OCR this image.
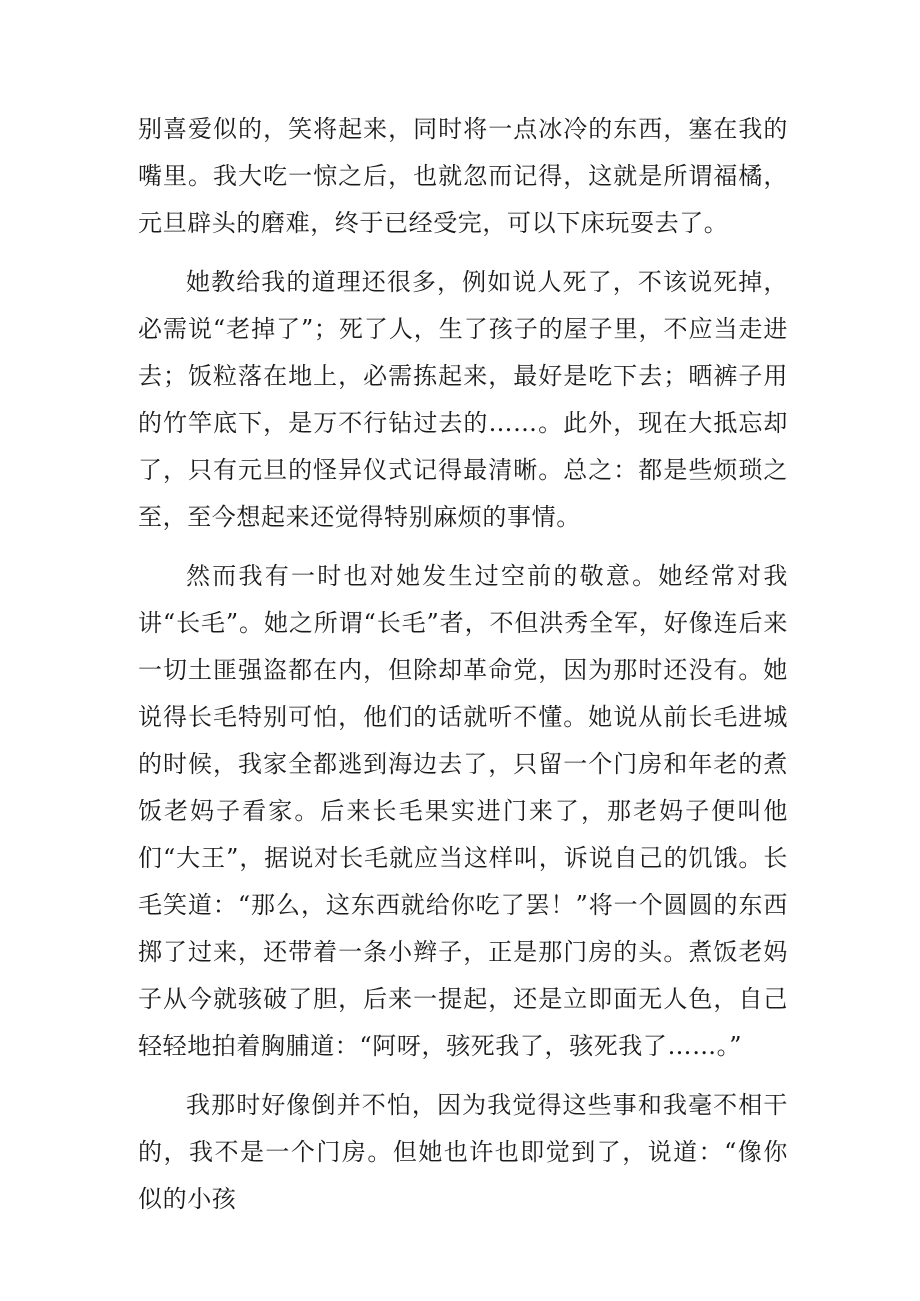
别喜爱似的，笑将起来，同时将一点冰冷的东西，塞在我的嘴里。我大吃一惊之后，也就忽而记得，这就是所谓福橘，元旦辟头的磨难，终于已经受完，可以下床玩耍去了。

她教给我的道理还很多，例如说人死了，不该说死掉，必需说“老掉了”；死了人，生了孩子的屋子里，不应当走进去；饭粒落在地上，必需拣起来，最好是吃下去；晒裤子用的竹竿底下，是万不行钻过去的……。此外，现在大抵忘却了，只有元旦的怪异仪式记得最清晰。总之：都是些烦琐之至，至今想起来还觉得特别麻烦的事情。

然而我有一时也对她发生过空前的敬意。她经常对我讲“长毛”。她之所谓“长毛”者，不但洪秀全军，好像连后来一切土匪强盗都在内，但除却革命党，因为那时还没有。她说得长毛特别可怕，他们的话就听不懂。她说从前长毛进城的时候，我家全都逃到海边去了，只留一个门房和年老的煮饭老妈子看家。后来长毛果实进门来了，那老妈子便叫他们“大王”，据说对长毛就应当这样叫，诉说自己的饥饿。长毛笑道：“那么，这东西就给你吃了罢！”将一个圆圆的东西掷了过来，还带着一条小辫子，正是那门房的头。煮饭老妈子从今就骇破了胆，后来一提起，还是立即面无人色，自己轻轻地拍着胸脯道：“阿呀，骇死我了，骇死我了……。”

我那时好像倒并不怕，因为我觉得这些事和我毫不相干的，我不是一个门房。但她也许也即觉到了，说道：“像你似的小孩
